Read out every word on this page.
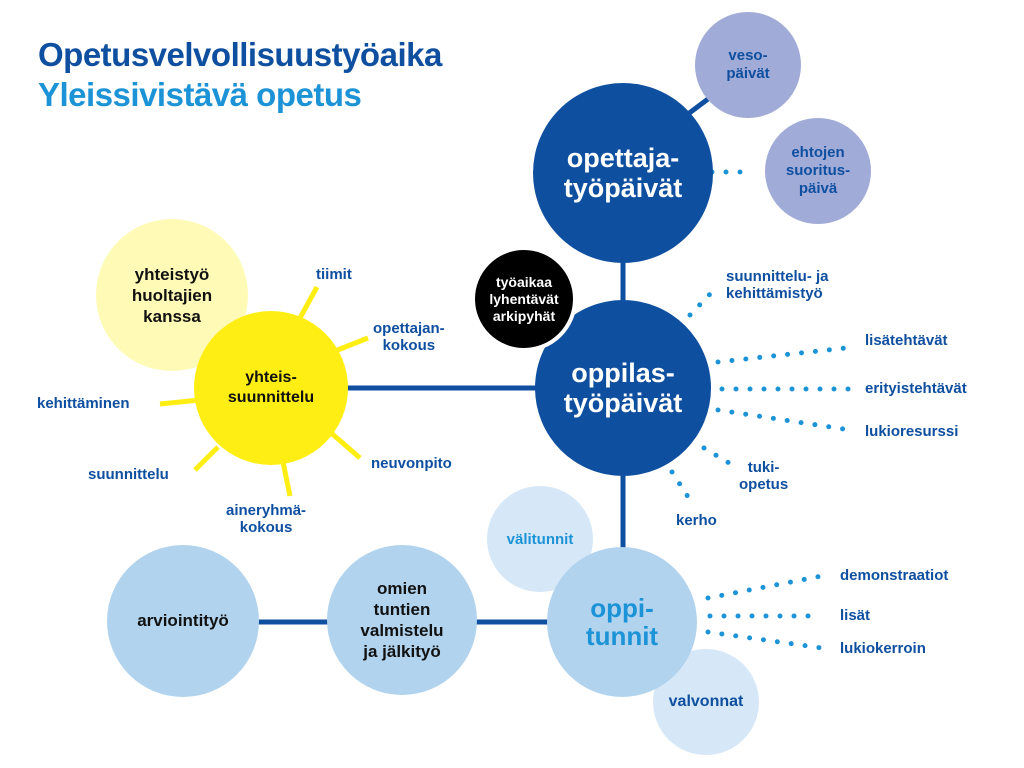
Opetusvelvollisuustyöaika
Yleissivistävä opetus
valvonnat
välitunnit
oppi-
tunnit
arviointityö
omien
tuntien
valmistelu
ja jälkityö
veso-
päivät
ehtojen
suoritus-
päivä
opettaja-
työpäivät
oppilas-
työpäivät
työaikaa
lyhentävät
arkipyhät
yhteistyö
huoltajien
kanssa
yhteis-
suunnittelu
tiimit
opettajan-
kokous
neuvonpito
aineryhmä-
kokous
suunnittelu
kehittäminen
suunnittelu- ja
kehittämistyö
lisätehtävät
erityistehtävät
lukioresurssi
tuki-
opetus
kerho
demonstraatiot
lisät
lukiokerroin
